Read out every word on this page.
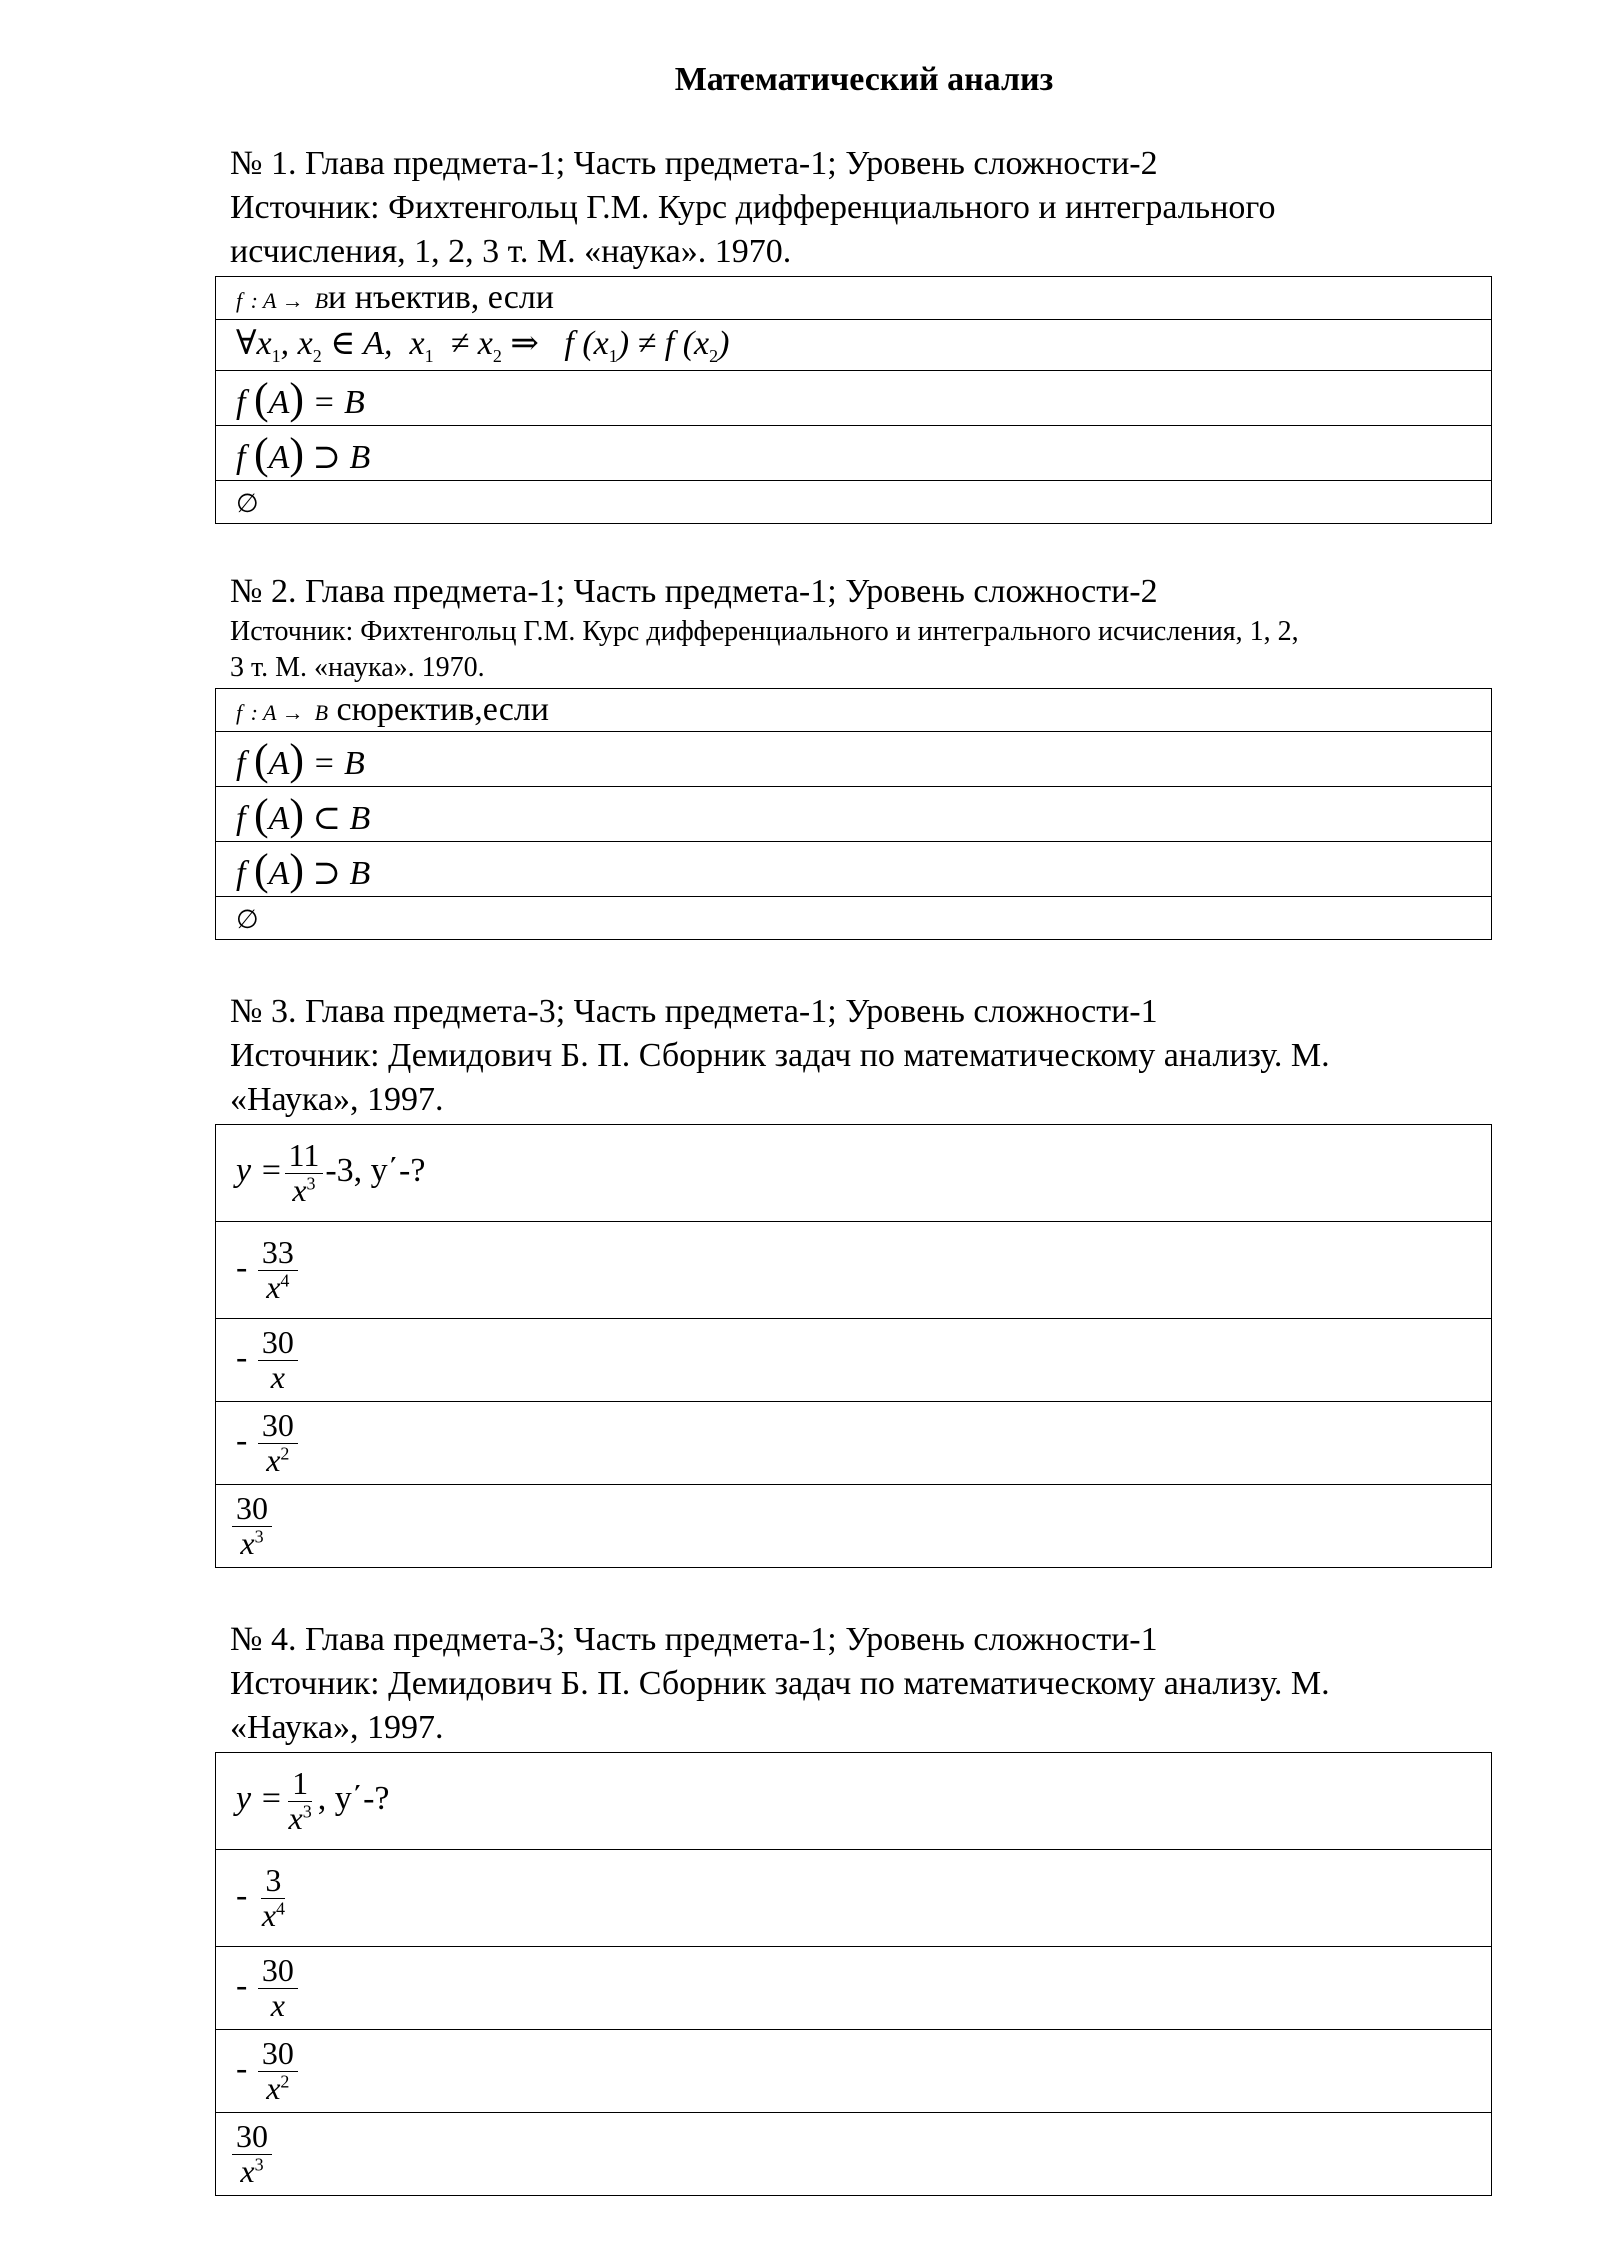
Математический анализ
№ 1. Глава предмета-1; Часть предмета-1; Уровень сложности-2
Источник: Фихтенгольц Г.М. Курс дифференциального и интегрального
исчисления, 1, 2, 3 т. М. «наука». 1970.
f : A →  Bи нъектив, если
$\forall x_1$, $x_2$ ∈ A,  $x_1 \ne x_2$ ⇒   f $(x_1) \ne f$ $(x_2)$
f (A) = B
f (A) ⊃ B
∅
№ 2. Глава предмета-1; Часть предмета-1; Уровень сложности-2
Источник: Фихтенгольц Г.М. Курс дифференциального и интегрального исчисления, 1, 2,
3 т. М. «наука». 1970.
f : A →  B сюректив,если
f (A) = B
f (A) ⊂ B
f (A) ⊃ B
∅
№ 3. Глава предмета-3; Часть предмета-1; Уровень сложности-1
Источник: Демидович Б. П. Сборник задач по математическому анализу. М.
«Наука», 1997.
$y = \frac{11}{x^3} -3$, y΄-?
- $\frac{33}{x^4}$

- $\frac{30}{x}$

- $\frac{30}{x^2}$

$\frac{30}{x^3}$
№ 4. Глава предмета-3; Часть предмета-1; Уровень сложности-1
Источник: Демидович Б. П. Сборник задач по математическому анализу. М.
«Наука», 1997.
$y = \frac{1}{x^3}$ , y΄-?
- $\frac{3}{x^4}$

- $\frac{30}{x}$

- $\frac{30}{x^2}$

$\frac{30}{x^3}$
